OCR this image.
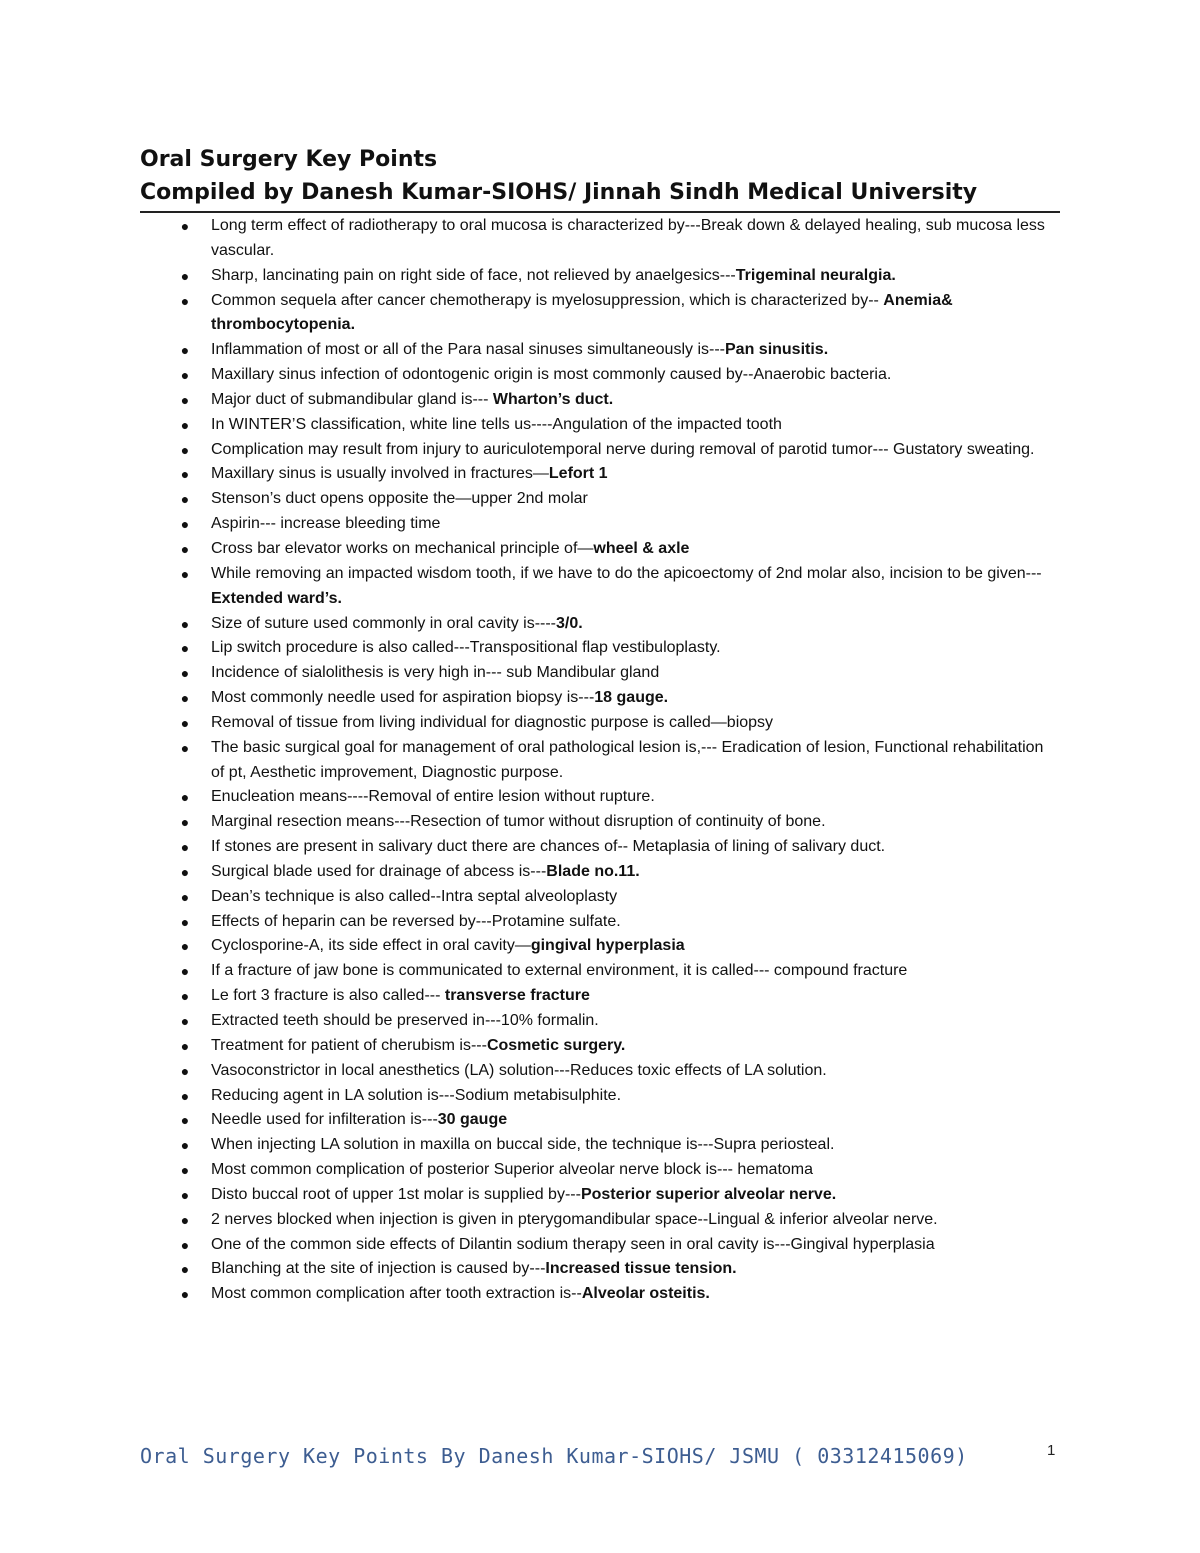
Oral Surgery Key Points
Compiled by Danesh Kumar-SIOHS/ Jinnah Sindh Medical University
● Long term effect of radiotherapy to oral mucosa is characterized by---Break down & delayed healing, sub mucosa less vascular.
● Sharp, lancinating pain on right side of face, not relieved by anaelgesics---Trigeminal neuralgia.
● Common sequela after cancer chemotherapy is myelosuppression, which is characterized by-- Anemia& thrombocytopenia.
● Inflammation of most or all of the Para nasal sinuses simultaneously is---Pan sinusitis.
● Maxillary sinus infection of odontogenic origin is most commonly caused by--Anaerobic bacteria.
● Major duct of submandibular gland is--- Wharton’s duct.
● In WINTER’S classification, white line tells us----Angulation of the impacted tooth
● Complication may result from injury to auriculotemporal nerve during removal of parotid tumor--- Gustatory sweating.
● Maxillary sinus is usually involved in fractures—Lefort 1
● Stenson’s duct opens opposite the—upper 2nd molar
● Aspirin--- increase bleeding time
● Cross bar elevator works on mechanical principle of—wheel & axle
● While removing an impacted wisdom tooth, if we have to do the apicoectomy of 2nd molar also, incision to be given---Extended ward’s.
● Size of suture used commonly in oral cavity is----3/0.
● Lip switch procedure is also called---Transpositional flap vestibuloplasty.
● Incidence of sialolithesis is very high in--- sub Mandibular gland
● Most commonly needle used for aspiration biopsy is---18 gauge.
● Removal of tissue from living individual for diagnostic purpose is called—biopsy
● The basic surgical goal for management of oral pathological lesion is,--- Eradication of lesion, Functional rehabilitation of pt, Aesthetic improvement, Diagnostic purpose.
● Enucleation means----Removal of entire lesion without rupture.
● Marginal resection means---Resection of tumor without disruption of continuity of bone.
● If stones are present in salivary duct there are chances of-- Metaplasia of lining of salivary duct.
● Surgical blade used for drainage of abcess is---Blade no.11.
● Dean’s technique is also called--Intra septal alveoloplasty
● Effects of heparin can be reversed by---Protamine sulfate.
● Cyclosporine-A, its side effect in oral cavity—gingival hyperplasia
● If a fracture of jaw bone is communicated to external environment, it is called--- compound fracture
● Le fort 3 fracture is also called--- transverse fracture
● Extracted teeth should be preserved in---10% formalin.
● Treatment for patient of cherubism is---Cosmetic surgery.
● Vasoconstrictor in local anesthetics (LA) solution---Reduces toxic effects of LA solution.
● Reducing agent in LA solution is---Sodium metabisulphite.
● Needle used for infilteration is---30 gauge
● When injecting LA solution in maxilla on buccal side, the technique is---Supra periosteal.
● Most common complication of posterior Superior alveolar nerve block is--- hematoma
● Disto buccal root of upper 1st molar is supplied by---Posterior superior alveolar nerve.
● 2 nerves blocked when injection is given in pterygomandibular space--Lingual & inferior alveolar nerve.
● One of the common side effects of Dilantin sodium therapy seen in oral cavity is---Gingival hyperplasia
● Blanching at the site of injection is caused by---Increased tissue tension.
● Most common complication after tooth extraction is--Alveolar osteitis.
Oral Surgery Key Points By Danesh Kumar-SIOHS/ JSMU ( 03312415069)	1
